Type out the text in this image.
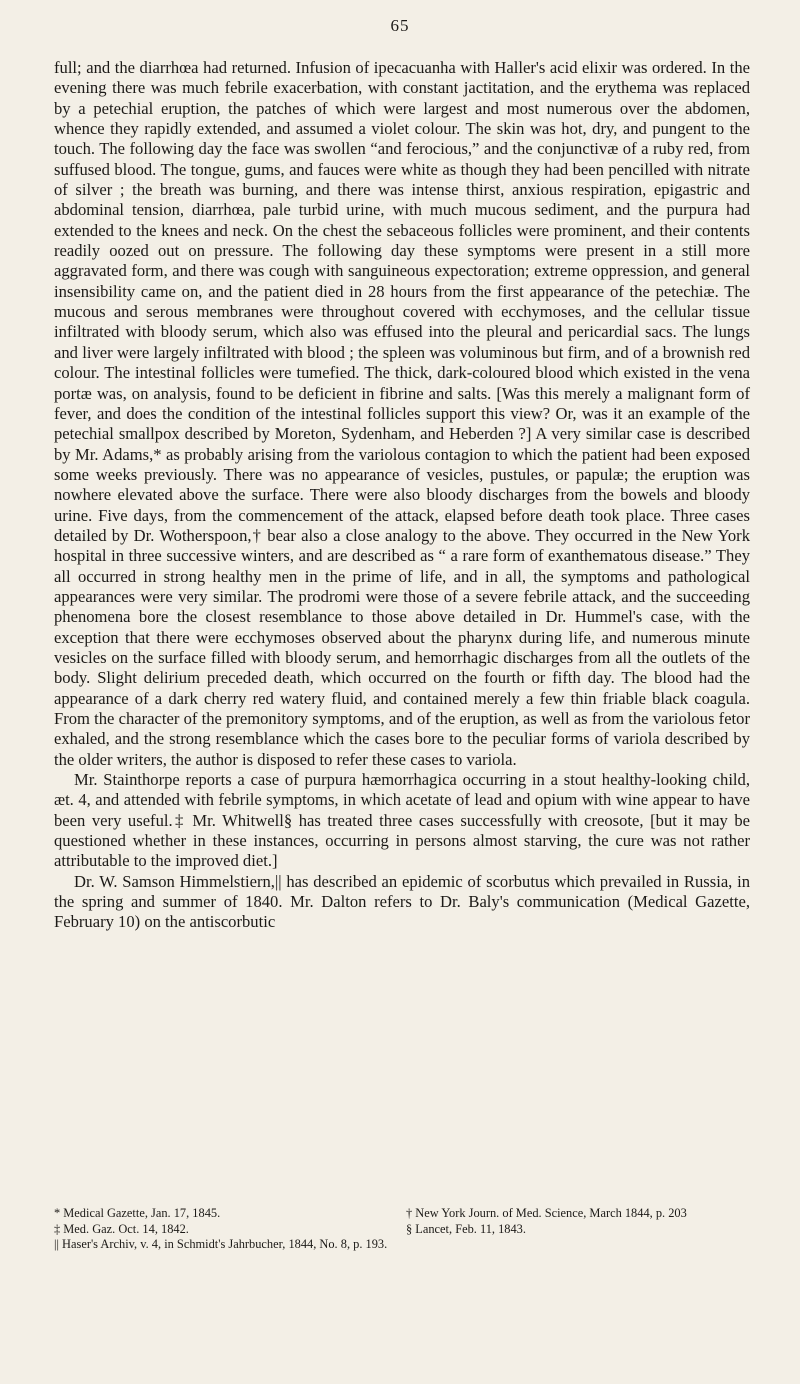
65

full; and the diarrhœa had returned. Infusion of ipecacuanha with Haller's acid elixir was ordered. In the evening there was much febrile exacerbation, with constant jactitation, and the erythema was replaced by a petechial eruption, the patches of which were largest and most numerous over the abdomen, whence they rapidly extended, and assumed a violet colour. The skin was hot, dry, and pungent to the touch. The following day the face was swollen “and ferocious,” and the conjunctivæ of a ruby red, from suffused blood. The tongue, gums, and fauces were white as though they had been pencilled with nitrate of silver ; the breath was burning, and there was intense thirst, anxious respiration, epigastric and abdominal tension, diarrhœa, pale turbid urine, with much mucous sediment, and the purpura had extended to the knees and neck. On the chest the sebaceous follicles were prominent, and their contents readily oozed out on pressure. The following day these symptoms were present in a still more aggravated form, and there was cough with sanguineous expectoration; extreme oppression, and general insensibility came on, and the patient died in 28 hours from the first appearance of the petechiæ. The mucous and serous membranes were throughout covered with ecchymoses, and the cellular tissue infiltrated with bloody serum, which also was effused into the pleural and pericardial sacs. The lungs and liver were largely infiltrated with blood ; the spleen was voluminous but firm, and of a brownish red colour. The intestinal follicles were tumefied. The thick, dark-coloured blood which existed in the vena portæ was, on analysis, found to be deficient in fibrine and salts. [Was this merely a malignant form of fever, and does the condition of the intestinal follicles support this view? Or, was it an example of the petechial smallpox described by Moreton, Sydenham, and Heberden ?] A very similar case is described by Mr. Adams,* as probably arising from the variolous contagion to which the patient had been exposed some weeks previously. There was no appearance of vesicles, pustules, or papulæ; the eruption was nowhere elevated above the surface. There were also bloody discharges from the bowels and bloody urine. Five days, from the commencement of the attack, elapsed before death took place. Three cases detailed by Dr. Wotherspoon,† bear also a close analogy to the above. They occurred in the New York hospital in three successive winters, and are described as “ a rare form of exanthematous disease.” They all occurred in strong healthy men in the prime of life, and in all, the symptoms and pathological appearances were very similar. The prodromi were those of a severe febrile attack, and the succeeding phenomena bore the closest resemblance to those above detailed in Dr. Hummel's case, with the exception that there were ecchymoses observed about the pharynx during life, and numerous minute vesicles on the surface filled with bloody serum, and hemorrhagic discharges from all the outlets of the body. Slight delirium preceded death, which occurred on the fourth or fifth day. The blood had the appearance of a dark cherry red watery fluid, and contained merely a few thin friable black coagula. From the character of the premonitory symptoms, and of the eruption, as well as from the variolous fetor exhaled, and the strong resemblance which the cases bore to the peculiar forms of variola described by the older writers, the author is disposed to refer these cases to variola.

Mr. Stainthorpe reports a case of purpura hæmorrhagica occurring in a stout healthy-looking child, æt. 4, and attended with febrile symptoms, in which acetate of lead and opium with wine appear to have been very useful.‡ Mr. Whitwell§ has treated three cases successfully with creosote, [but it may be questioned whether in these instances, occurring in persons almost starving, the cure was not rather attributable to the improved diet.]

Dr. W. Samson Himmelstiern,|| has described an epidemic of scorbutus which prevailed in Russia, in the spring and summer of 1840. Mr. Dalton refers to Dr. Baly's communication (Medical Gazette, February 10) on the antiscorbutic

* Medical Gazette, Jan. 17, 1845.	† New York Journ. of Med. Science, March 1844, p. 203
‡ Med. Gaz. Oct. 14, 1842.	§ Lancet, Feb. 11, 1843.
|| Haser's Archiv, v. 4, in Schmidt's Jahrbucher, 1844, No. 8, p. 193.
